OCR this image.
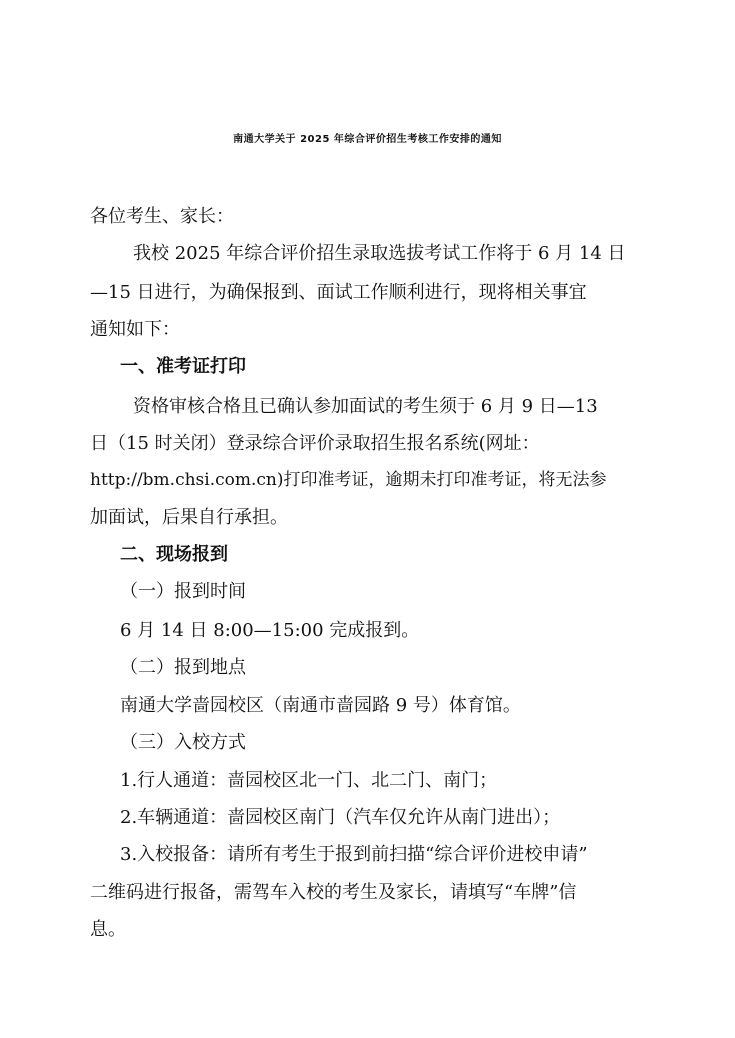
南通大学关于 2025 年综合评价招生考核工作安排的通知
各位考生、家长：
我校 2025 年综合评价招生录取选拔考试工作将于 6 月 14 日
—15 日进行，为确保报到、面试工作顺利进行，现将相关事宜
通知如下：
一、准考证打印
资格审核合格且已确认参加面试的考生须于 6 月 9 日—13
日（15 时关闭）登录综合评价录取招生报名系统(网址：
http://bm.chsi.com.cn)打印准考证，逾期未打印准考证，将无法参
加面试，后果自行承担。
二、现场报到
（一）报到时间
6 月 14 日 8:00—15:00 完成报到。
（二）报到地点
南通大学啬园校区（南通市啬园路 9 号）体育馆。
（三）入校方式
1.行人通道：啬园校区北一门、北二门、南门；
2.车辆通道：啬园校区南门（汽车仅允许从南门进出）；
3.入校报备：请所有考生于报到前扫描“综合评价进校申请”
二维码进行报备，需驾车入校的考生及家长，请填写“车牌”信
息。
